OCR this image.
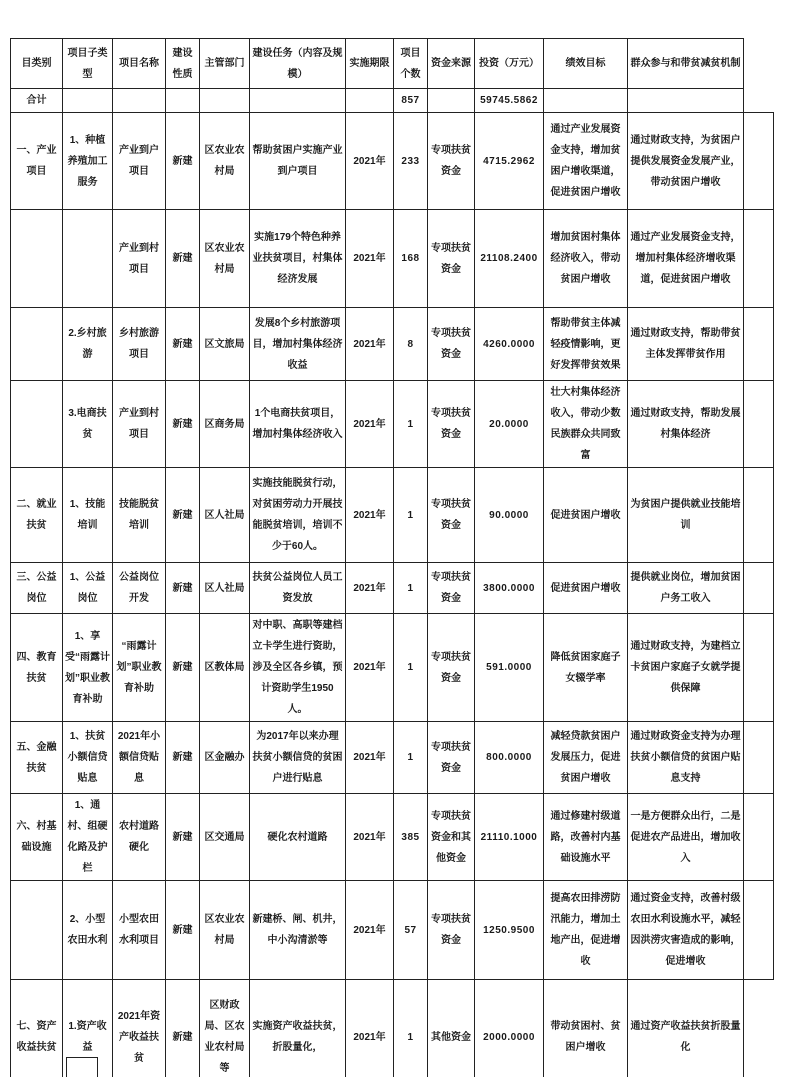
目类别	项目子类型	项目名称	建设性质	主管部门	建设任务（内容及规模）	实施期限	项目个数	资金来源	投资（万元）	绩效目标	群众参与和带贫减贫机制	
合计							857		59745.5862			
一、产业项目	1、种植养殖加工服务	产业到户项目	新建	区农业农村局	帮助贫困户实施产业到户项目	2021年	233	专项扶贫资金	4715.2962	通过产业发展资金支持，增加贫困户增收渠道，促进贫困户增收	通过财政支持，为贫困户提供发展资金发展产业，带动贫困户增收	
		产业到村项目	新建	区农业农村局	实施179个特色种养业扶贫项目，村集体经济发展	2021年	168	专项扶贫资金	21108.2400	增加贫困村集体经济收入，带动贫困户增收	通过产业发展资金支持，增加村集体经济增收渠道，促进贫困户增收	
	2.乡村旅游	乡村旅游项目	新建	区文旅局	发展8个乡村旅游项目，增加村集体经济收益	2021年	8	专项扶贫资金	4260.0000	帮助带贫主体减轻疫情影响，更好发挥带贫效果	通过财政支持，帮助带贫主体发挥带贫作用	
	3.电商扶贫	产业到村项目	新建	区商务局	1个电商扶贫项目，增加村集体经济收入	2021年	1	专项扶贫资金	20.0000	壮大村集体经济收入，带动少数民族群众共同致富	通过财政支持，帮助发展村集体经济	
二、就业扶贫	1、技能培训	技能脱贫培训	新建	区人社局	实施技能脱贫行动，对贫困劳动力开展技能脱贫培训，培训不少于60人。	2021年	1	专项扶贫资金	90.0000	促进贫困户增收	为贫困户提供就业技能培训	
三、公益岗位	1、公益岗位	公益岗位开发	新建	区人社局	扶贫公益岗位人员工资发放	2021年	1	专项扶贫资金	3800.0000	促进贫困户增收	提供就业岗位，增加贫困户务工收入	
四、教育扶贫	1、享受“雨露计划”职业教育补助	“雨露计划”职业教育补助	新建	区教体局	对中职、高职等建档立卡学生进行资助，涉及全区各乡镇，预计资助学生1950人。	2021年	1	专项扶贫资金	591.0000	降低贫困家庭子女辍学率	通过财政支持，为建档立卡贫困户家庭子女就学提供保障	
五、金融扶贫	1、扶贫小额信贷贴息	2021年小额信贷贴息	新建	区金融办	为2017年以来办理扶贫小额信贷的贫困户进行贴息	2021年	1	专项扶贫资金	800.0000	减轻贷款贫困户发展压力，促进贫困户增收	通过财政资金支持为办理扶贫小额信贷的贫困户贴息支持	
六、村基础设施	1、通村、组硬化路及护栏	农村道路硬化	新建	区交通局	硬化农村道路	2021年	385	专项扶贫资金和其他资金	21110.1000	通过修建村级道路，改善村内基础设施水平	一是方便群众出行，二是促进农产品进出，增加收入	
	2、小型农田水利	小型农田水利项目	新建	区农业农村局	新建桥、闸、机井，中小沟清淤等	2021年	57	专项扶贫资金	1250.9500	提高农田排涝防汛能力，增加土地产出，促进增收	通过资金支持，改善村级农田水利设施水平，减轻因洪涝灾害造成的影响，促进增收	
七、资产收益扶贫	1.资产收益	2021年资产收益扶贫	新建	区财政局、区农业农村局等	实施资产收益扶贫，折股量化，	2021年	1	其他资金	2000.0000	带动贫困村、贫困户增收	通过资产收益扶贫折股量化	
